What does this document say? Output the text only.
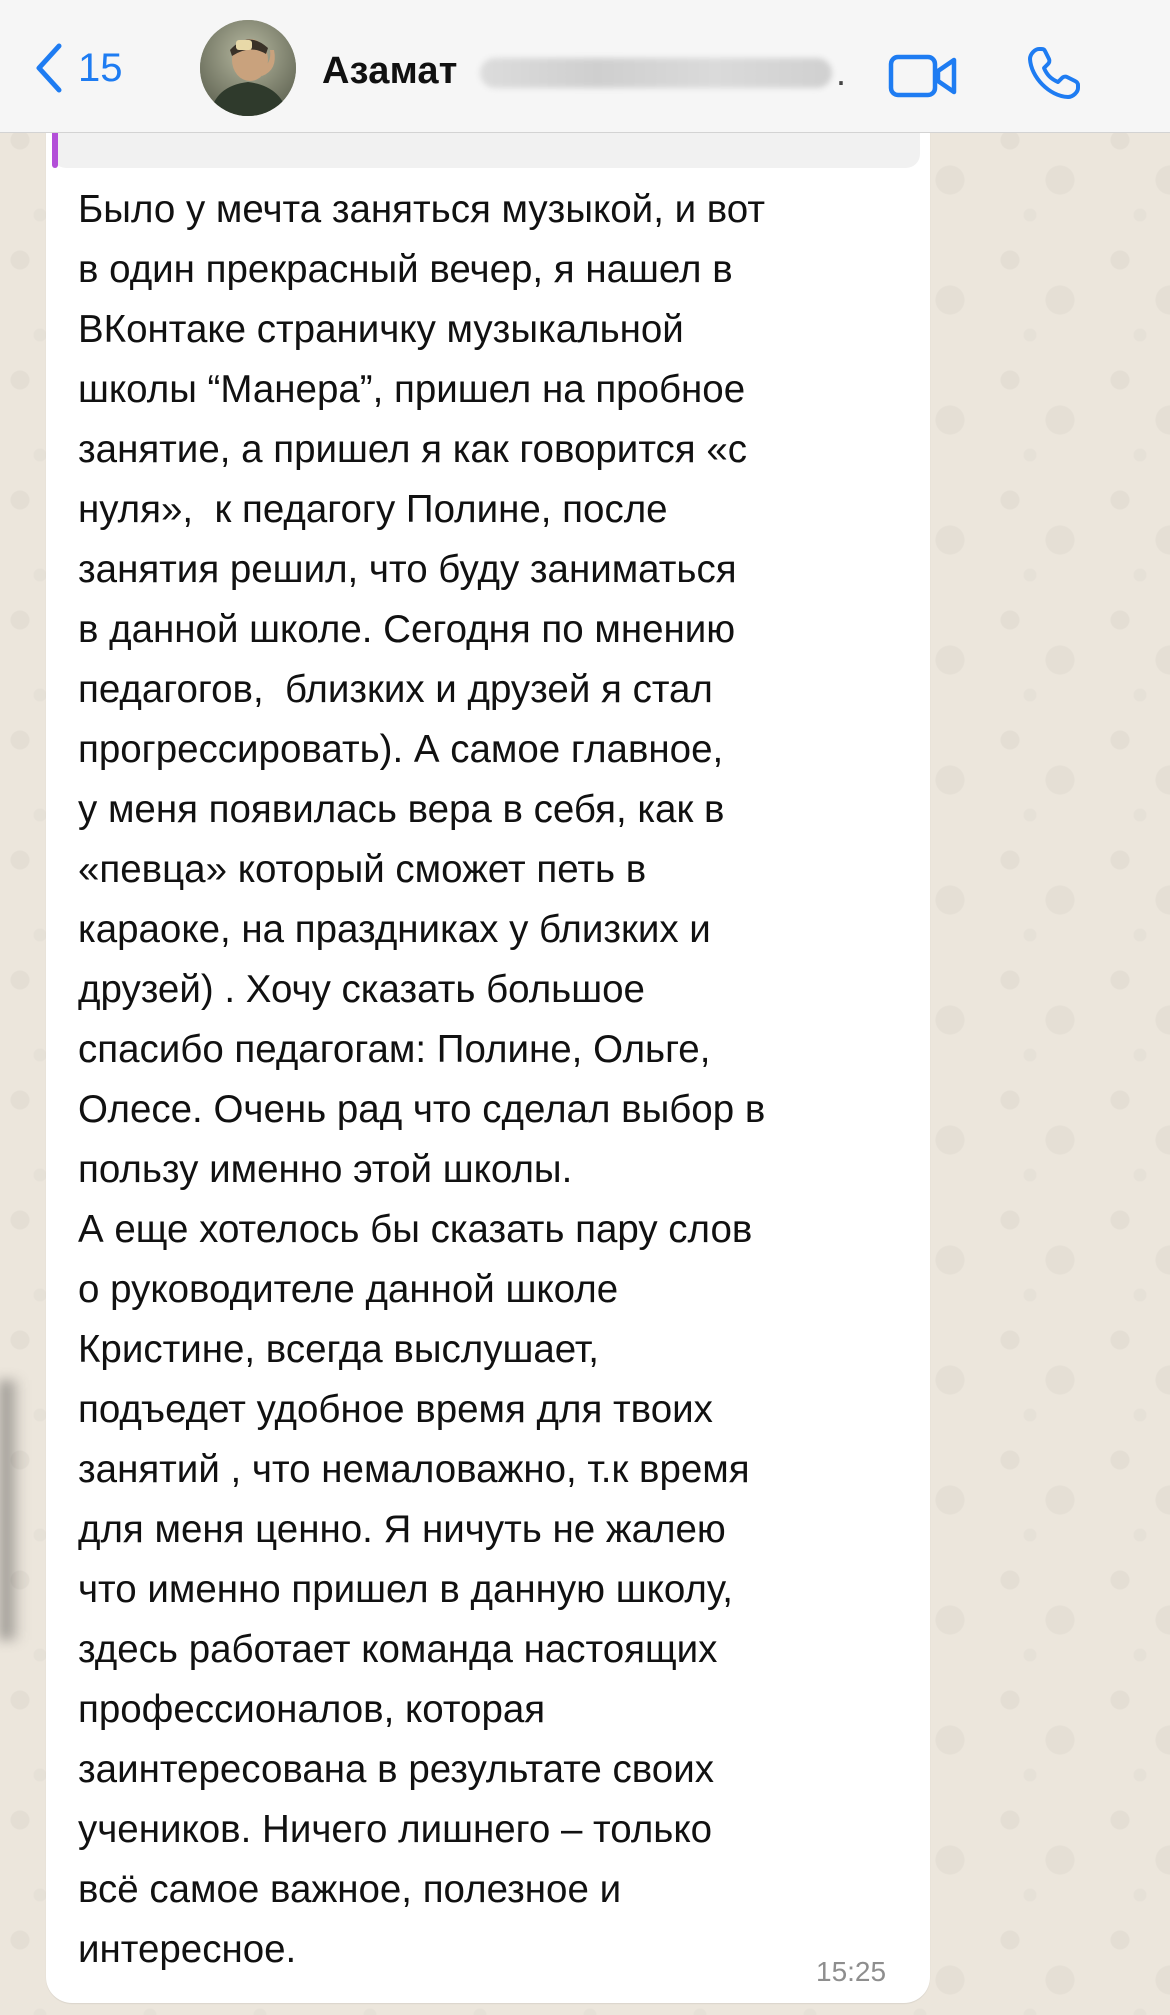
15	Азамат	.

Было у мечта заняться музыкой, и вот
в один прекрасный вечер, я нашел в
ВКонтаке страничку музыкальной
школы “Манера”, пришел на пробное
занятие, а пришел я как говорится «с
нуля»,  к педагогу Полине, после
занятия решил, что буду заниматься
в данной школе. Сегодня по мнению
педагогов,  близких и друзей я стал
прогрессировать). А самое главное,
у меня появилась вера в себя, как в
«певца» который сможет петь в
караоке, на праздниках у близких и
друзей) . Хочу сказать большое
спасибо педагогам: Полине, Ольге,
Олесе. Очень рад что сделал выбор в
пользу именно этой школы.
А еще хотелось бы сказать пару слов
о руководителе данной школе
Кристине, всегда выслушает,
подъедет удобное время для твоих
занятий , что немаловажно, т.к время
для меня ценно. Я ничуть не жалею
что именно пришел в данную школу,
здесь работает команда настоящих
профессионалов, которая
заинтересована в результате своих
учеников. Ничего лишнего – только
всё самое важное, полезное и
интересное.

15:25
